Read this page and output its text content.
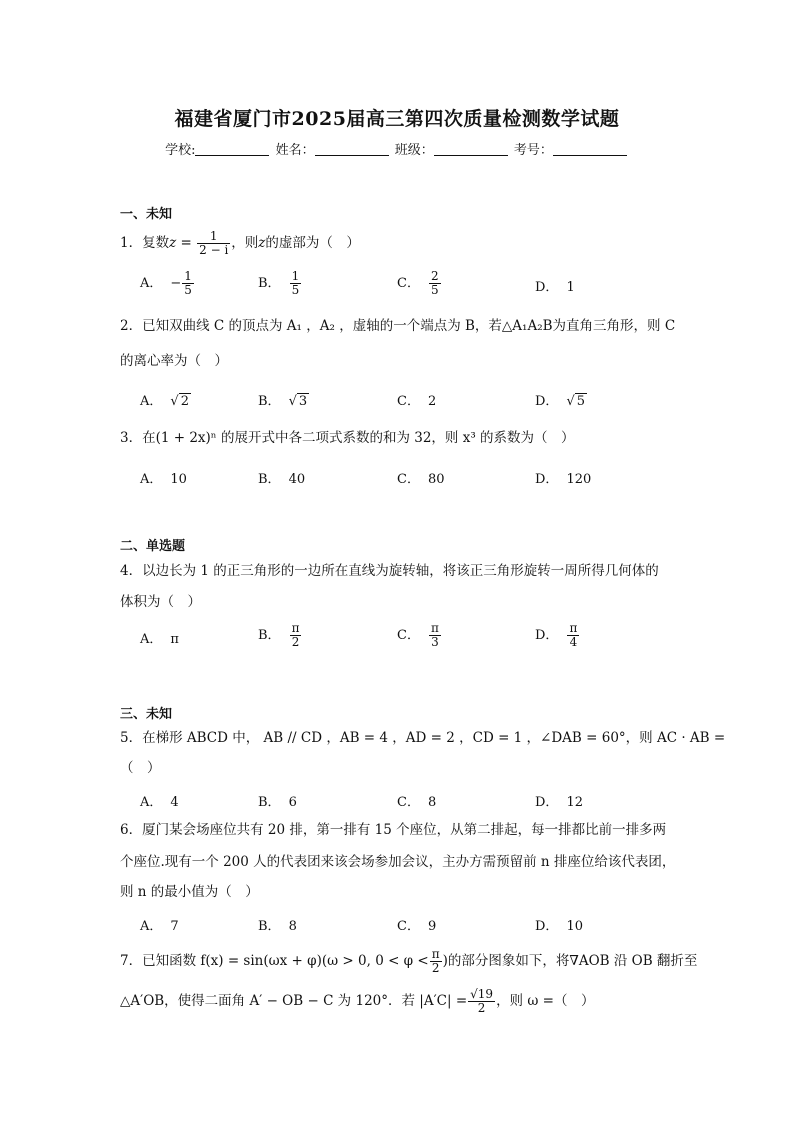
福建省厦门市2025届高三第四次质量检测数学试题
学校:	姓名：	班级：	考号：
一、未知
1．复数$z = \frac{1}{2 - i}$ ，则z的虚部为（　）
A． − $\frac{1}{5}$	B． $\frac{1}{5}$	C． $\frac{2}{5}$	D． 1
2．已知双曲线 C 的顶点为 A₁ ，A₂ ，虚轴的一个端点为 B，若△A₁A₂B为直角三角形，则 C
的离心率为（　）
A． √ 2	B． √ 3	C． 2	D． √ 5
3．在(1 + 2x)ⁿ 的展开式中各二项式系数的和为 32，则 x³ 的系数为（　）
A． 10	B． 40	C． 80	D． 120
二、单选题
4．以边长为 1 的正三角形的一边所在直线为旋转轴，将该正三角形旋转一周所得几何体的
体积为（　）
A． π	B． $\frac{\pi}{2}$	C． $\frac{\pi}{3}$	D． $\frac{\pi}{4}$
三、未知
5．在梯形 ABCD 中， AB // CD ，AB = 4 ，AD = 2 ，CD = 1 ，∠DAB = 60°，则 AC · AB =
（　）
A． 4	B． 6	C． 8	D． 12
6．厦门某会场座位共有 20 排，第一排有 15 个座位，从第二排起，每一排都比前一排多两
个座位.现有一个 200 人的代表团来该会场参加会议，主办方需预留前 n 排座位给该代表团，
则 n 的最小值为（　）
A． 7	B． 8	C． 9	D． 10
7．已知函数 f(x) = sin(ωx + φ)(ω > 0, $0 < \varphi < \frac{\pi}{2}$ )的部分图象如下，将∇AOB 沿 OB 翻折至
△A′OB，使得二面角 A′ − OB − C 为 120°．若 $|A'C| = \frac{√19}{2}$ ，则 ω =（　）
